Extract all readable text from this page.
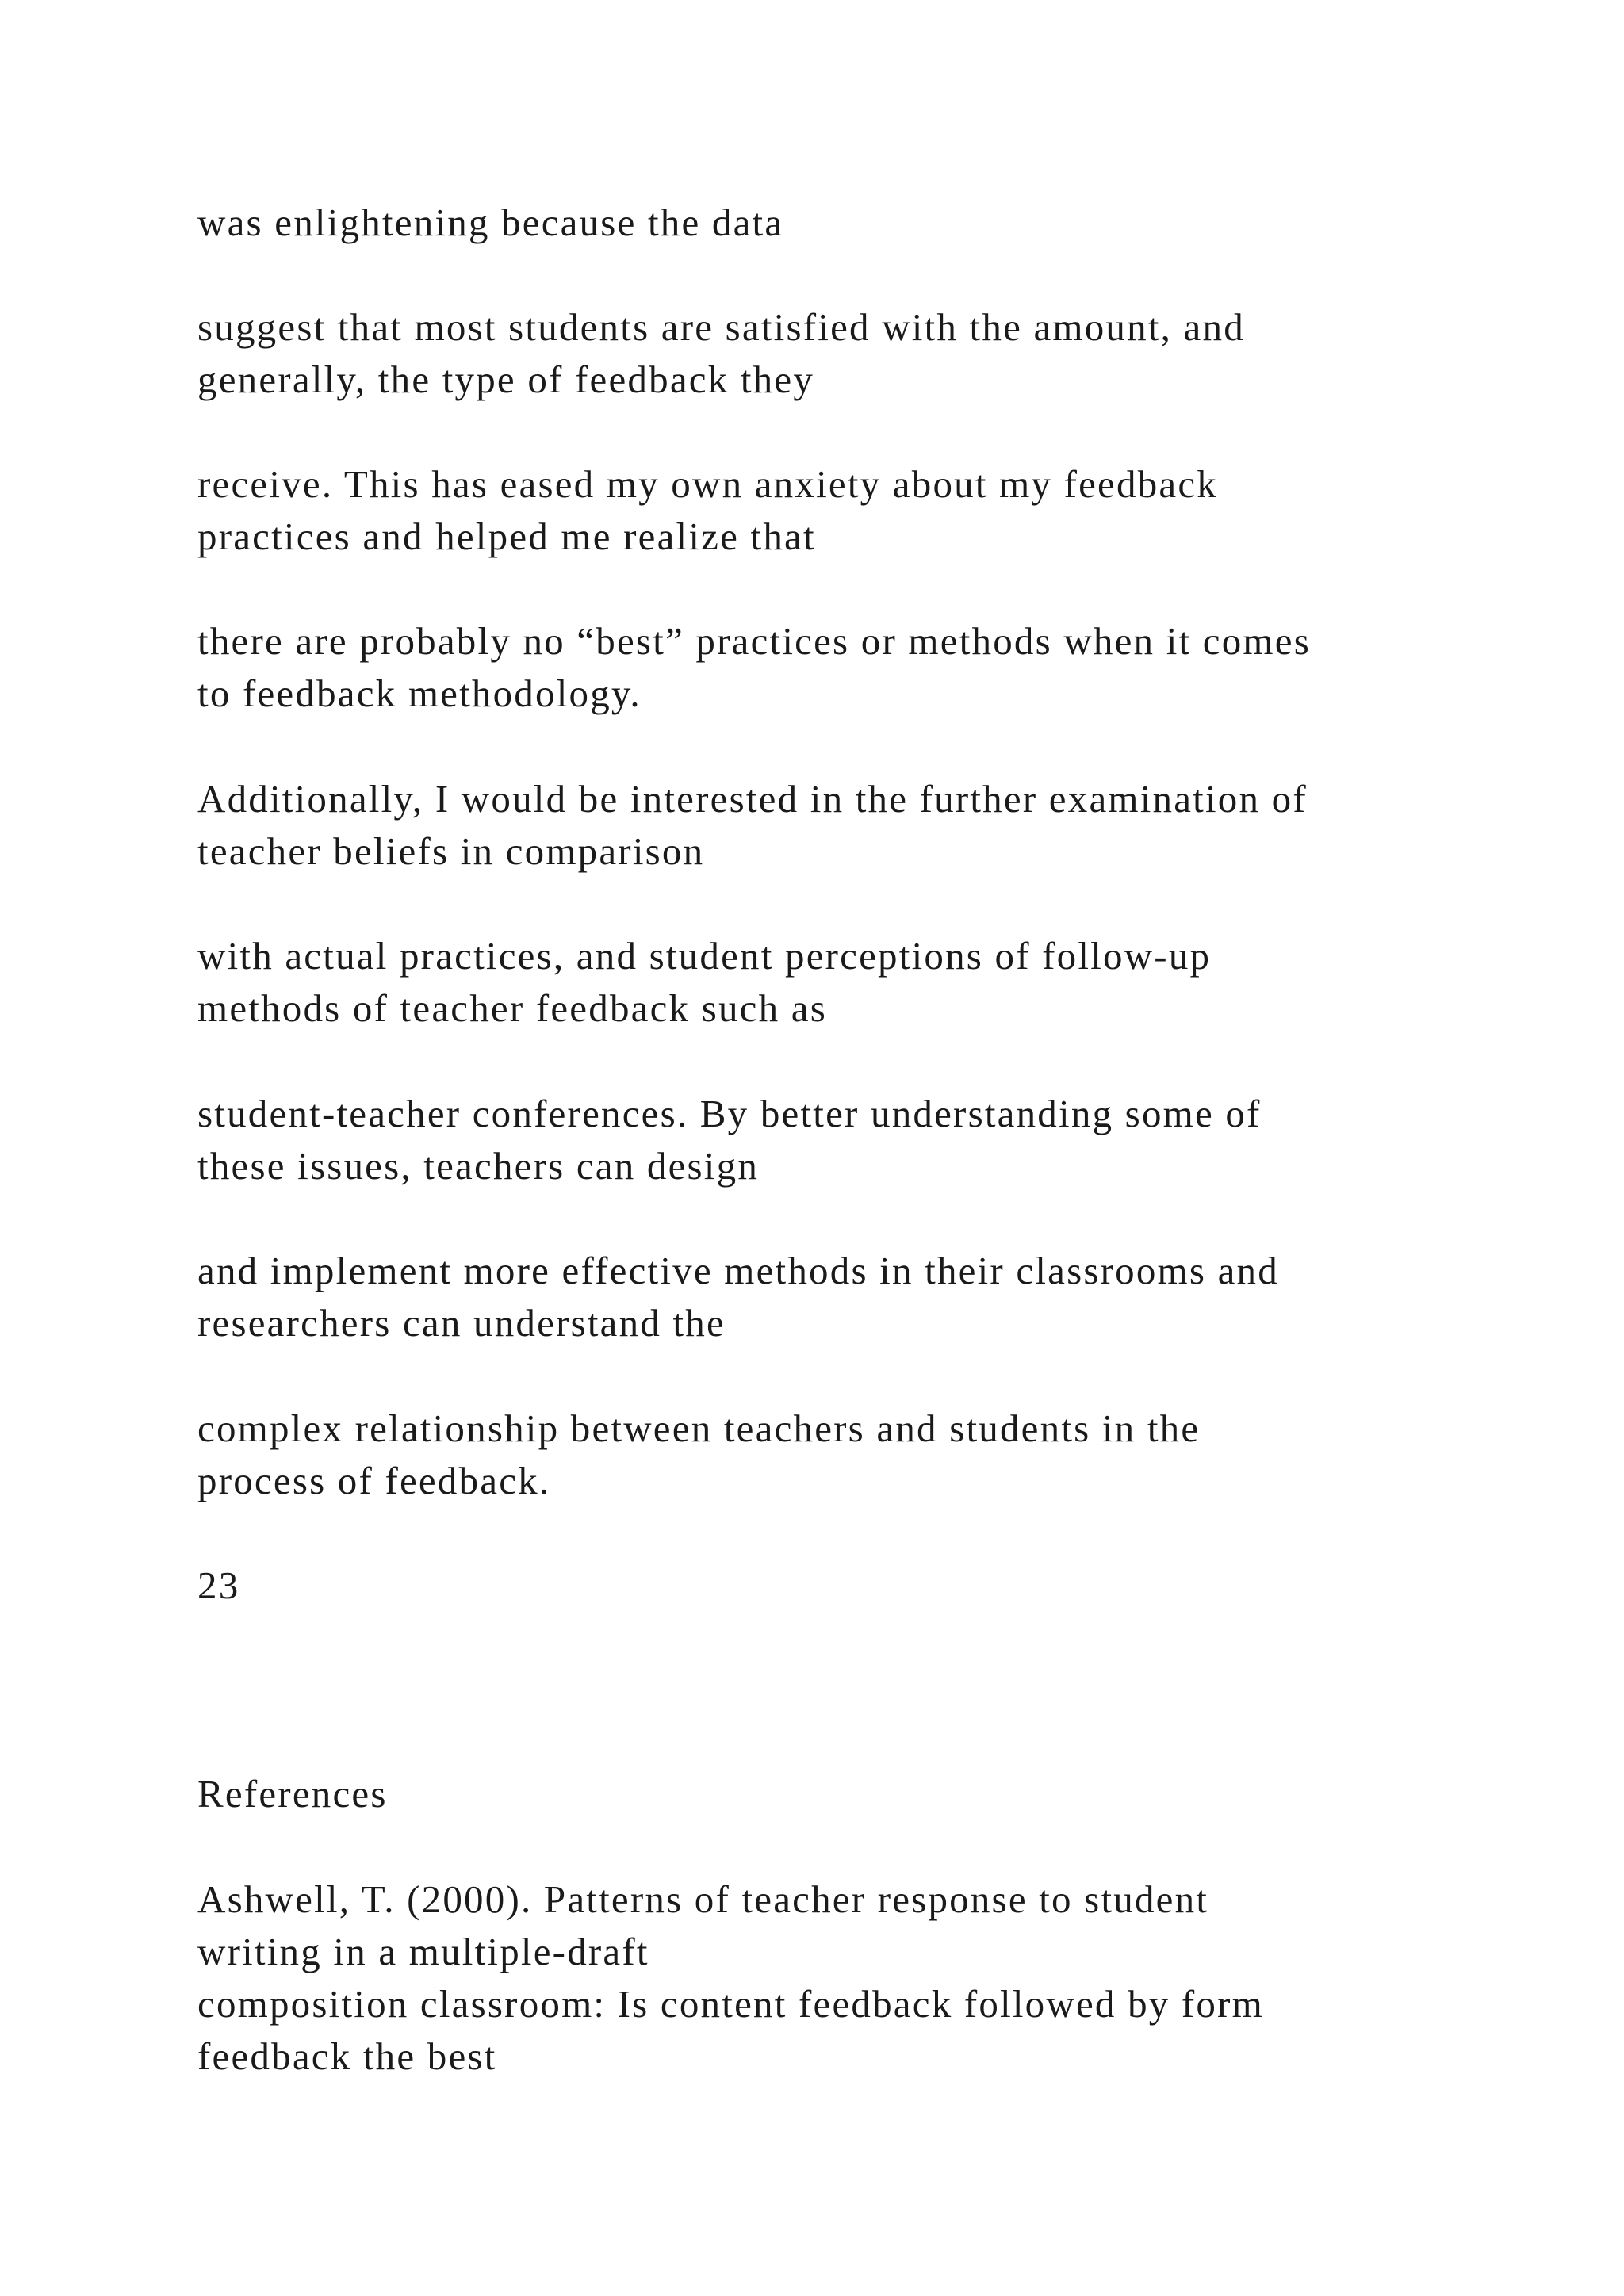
was enlightening because the data
suggest that most students are satisfied with the amount, and
generally, the type of feedback they
receive. This has eased my own anxiety about my feedback
practices and helped me realize that
there are probably no “best” practices or methods when it comes
to feedback methodology.
Additionally, I would be interested in the further examination of
teacher beliefs in comparison
with actual practices, and student perceptions of follow-up
methods of teacher feedback such as
student-teacher conferences. By better understanding some of
these issues, teachers can design
and implement more effective methods in their classrooms and
researchers can understand the
complex relationship between teachers and students in the
process of feedback.
23
References
Ashwell, T. (2000). Patterns of teacher response to student
writing in a multiple-draft
composition classroom: Is content feedback followed by form
feedback the best
